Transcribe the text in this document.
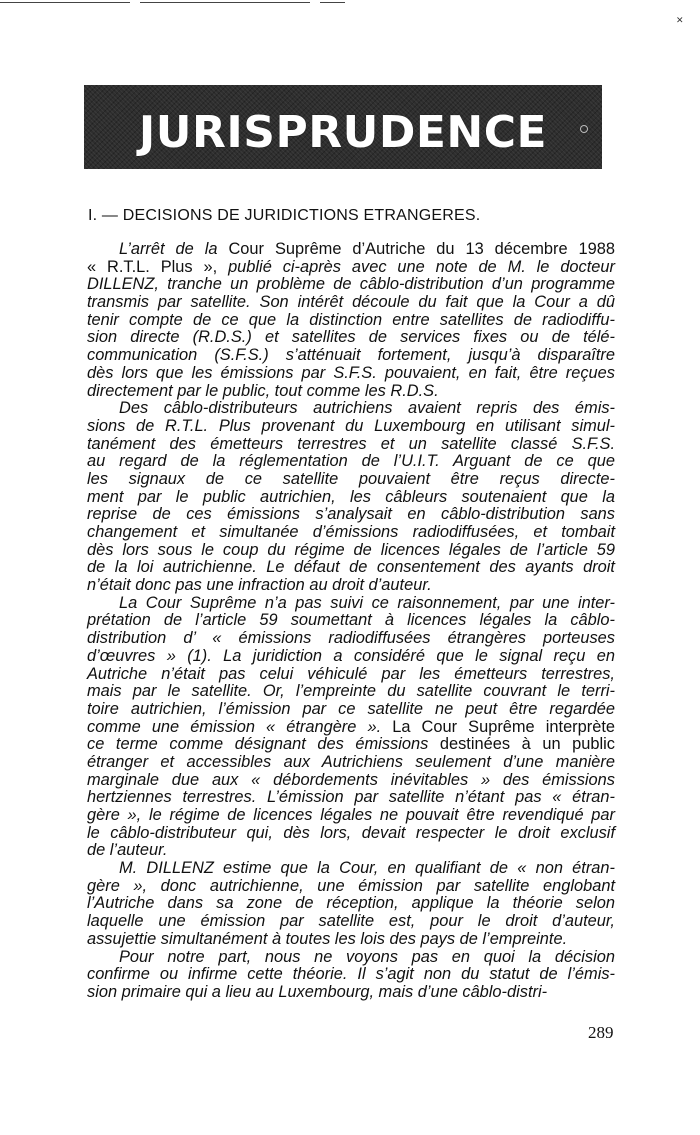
✕
JURISPRUDENCE
I. — DECISIONS DE JURIDICTIONS ETRANGERES.
L’arrêt de la Cour Suprême d’Autriche du 13 décembre 1988
« R.T.L. Plus », publié ci-après avec une note de M. le docteur
DILLENZ, tranche un problème de câblo-distribution d’un programme
transmis par satellite. Son intérêt découle du fait que la Cour a dû
tenir compte de ce que la distinction entre satellites de radiodiffu-
sion directe (R.D.S.) et satellites de services fixes ou de télé-
communication (S.F.S.) s’atténuait fortement, jusqu’à disparaître
dès lors que les émissions par S.F.S. pouvaient, en fait, être reçues
directement par le public, tout comme les R.D.S.
Des câblo-distributeurs autrichiens avaient repris des émis-
sions de R.T.L. Plus provenant du Luxembourg en utilisant simul-
tanément des émetteurs terrestres et un satellite classé S.F.S.
au regard de la réglementation de l’U.I.T. Arguant de ce que
les signaux de ce satellite pouvaient être reçus directe-
ment par le public autrichien, les câbleurs soutenaient que la
reprise de ces émissions s’analysait en câblo-distribution sans
changement et simultanée d’émissions radiodiffusées, et tombait
dès lors sous le coup du régime de licences légales de l’article 59
de la loi autrichienne. Le défaut de consentement des ayants droit
n’était donc pas une infraction au droit d’auteur.
La Cour Suprême n’a pas suivi ce raisonnement, par une inter-
prétation de l’article 59 soumettant à licences légales la câblo-
distribution d’ « émissions radiodiffusées étrangères porteuses
d’œuvres » (1). La juridiction a considéré que le signal reçu en
Autriche n’était pas celui véhiculé par les émetteurs terrestres,
mais par le satellite. Or, l’empreinte du satellite couvrant le terri-
toire autrichien, l’émission par ce satellite ne peut être regardée
comme une émission « étrangère ». La Cour Suprême interprète
ce terme comme désignant des émissions destinées à un public
étranger et accessibles aux Autrichiens seulement d’une manière
marginale due aux « débordements inévitables » des émissions
hertziennes terrestres. L’émission par satellite n’étant pas « étran-
gère », le régime de licences légales ne pouvait être revendiqué par
le câblo-distributeur qui, dès lors, devait respecter le droit exclusif
de l’auteur.
M. DILLENZ estime que la Cour, en qualifiant de « non étran-
gère », donc autrichienne, une émission par satellite englobant
l’Autriche dans sa zone de réception, applique la théorie selon
laquelle une émission par satellite est, pour le droit d’auteur,
assujettie simultanément à toutes les lois des pays de l’empreinte.
Pour notre part, nous ne voyons pas en quoi la décision
confirme ou infirme cette théorie. Il s’agit non du statut de l’émis-
sion primaire qui a lieu au Luxembourg, mais d’une câblo-distri-
289
